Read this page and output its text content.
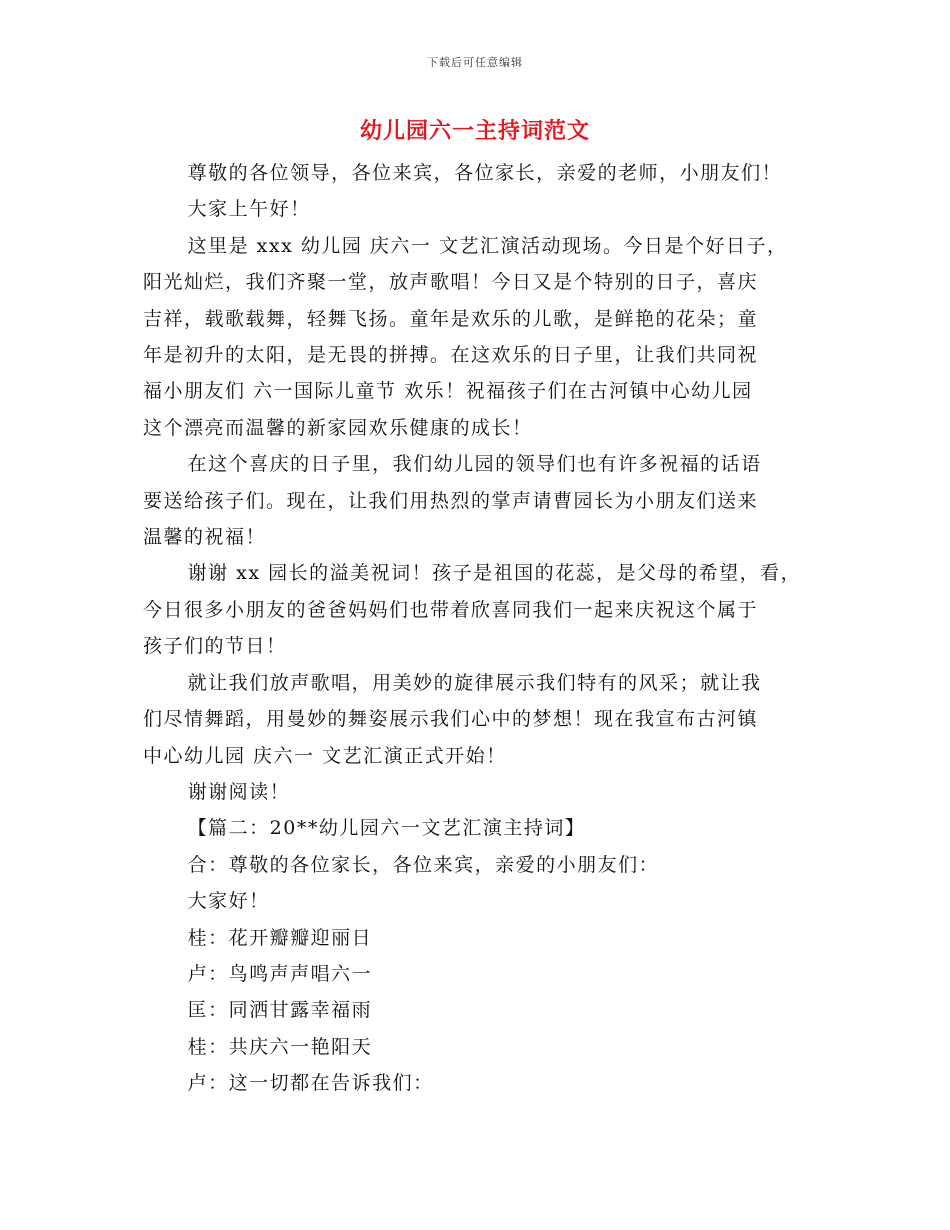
下载后可任意编辑
幼儿园六一主持词范文
尊敬的各位领导，各位来宾，各位家长，亲爱的老师，小朋友们！
大家上午好！
这里是 xxx 幼儿园 庆六一 文艺汇演活动现场。今日是个好日子，
阳光灿烂，我们齐聚一堂，放声歌唱！今日又是个特别的日子，喜庆
吉祥，载歌载舞，轻舞飞扬。童年是欢乐的儿歌，是鲜艳的花朵；童
年是初升的太阳，是无畏的拼搏。在这欢乐的日子里，让我们共同祝
福小朋友们 六一国际儿童节 欢乐！祝福孩子们在古河镇中心幼儿园
这个漂亮而温馨的新家园欢乐健康的成长！
在这个喜庆的日子里，我们幼儿园的领导们也有许多祝福的话语
要送给孩子们。现在，让我们用热烈的掌声请曹园长为小朋友们送来
温馨的祝福！
谢谢 xx 园长的溢美祝词！孩子是祖国的花蕊，是父母的希望，看，
今日很多小朋友的爸爸妈妈们也带着欣喜同我们一起来庆祝这个属于
孩子们的节日！
就让我们放声歌唱，用美妙的旋律展示我们特有的风采；就让我
们尽情舞蹈，用曼妙的舞姿展示我们心中的梦想！现在我宣布古河镇
中心幼儿园 庆六一 文艺汇演正式开始！
谢谢阅读！
【篇二：20**幼儿园六一文艺汇演主持词】
合：尊敬的各位家长，各位来宾，亲爱的小朋友们：
大家好！
桂：花开瓣瓣迎丽日
卢：鸟鸣声声唱六一
匡：同洒甘露幸福雨
桂：共庆六一艳阳天
卢：这一切都在告诉我们：
